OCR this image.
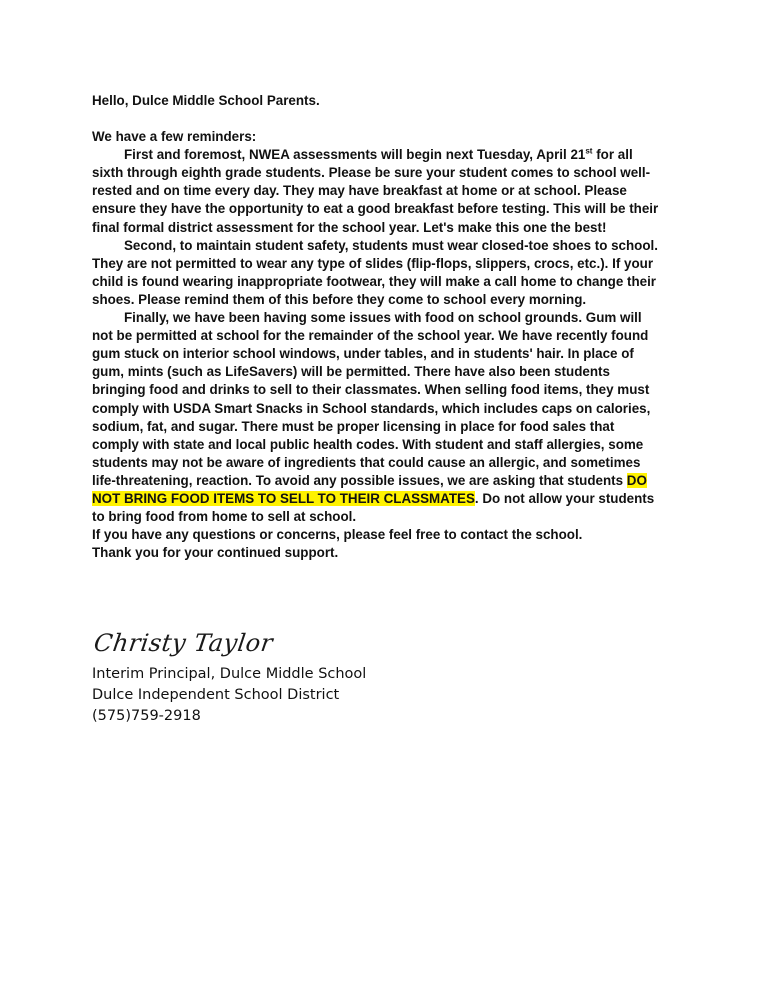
Hello, Dulce Middle School Parents.

We have a few reminders:

First and foremost, NWEA assessments will begin next Tuesday, April 21st for all sixth through eighth grade students. Please be sure your student comes to school well-rested and on time every day. They may have breakfast at home or at school. Please ensure they have the opportunity to eat a good breakfast before testing. This will be their final formal district assessment for the school year. Let's make this one the best!

Second, to maintain student safety, students must wear closed-toe shoes to school. They are not permitted to wear any type of slides (flip-flops, slippers, crocs, etc.). If your child is found wearing inappropriate footwear, they will make a call home to change their shoes. Please remind them of this before they come to school every morning.

Finally, we have been having some issues with food on school grounds. Gum will not be permitted at school for the remainder of the school year. We have recently found gum stuck on interior school windows, under tables, and in students' hair. In place of gum, mints (such as LifeSavers) will be permitted. There have also been students bringing food and drinks to sell to their classmates. When selling food items, they must comply with USDA Smart Snacks in School standards, which includes caps on calories, sodium, fat, and sugar. There must be proper licensing in place for food sales that comply with state and local public health codes. With student and staff allergies, some students may not be aware of ingredients that could cause an allergic, and sometimes life-threatening, reaction. To avoid any possible issues, we are asking that students DO NOT BRING FOOD ITEMS TO SELL TO THEIR CLASSMATES. Do not allow your students to bring food from home to sell at school.

If you have any questions or concerns, please feel free to contact the school.

Thank you for your continued support.

Christy Taylor

Interim Principal, Dulce Middle School

Dulce Independent School District

(575)759-2918
